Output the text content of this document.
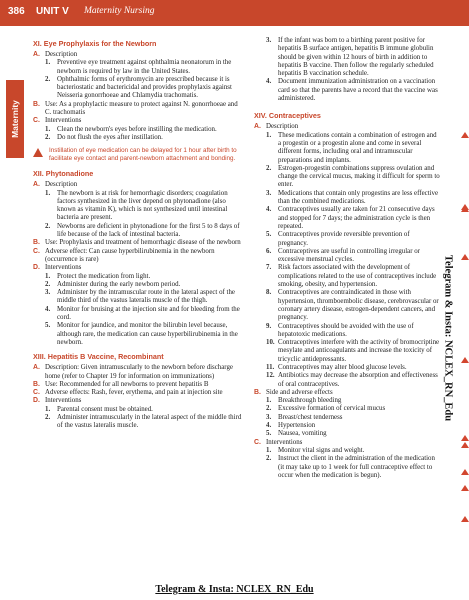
386 UNIT V Maternity Nursing
Maternity
XI. Eye Prophylaxis for the Newborn
A. Description
1. Preventive eye treatment against ophthalmia neonatorum in the newborn is required by law in the United States.
2. Ophthalmic forms of erythromycin are prescribed because it is bacteriostatic and bactericidal and provides prophylaxis against Neisseria gonorrhoeae and Chlamydia trachomatis.
B. Use: As a prophylactic measure to protect against N. gonorrhoeae and C. trachomatis
C. Interventions
1. Clean the newborn's eyes before instilling the medication.
2. Do not flush the eyes after instillation.
Instillation of eye medication can be delayed for 1 hour after birth to facilitate eye contact and parent-newborn attachment and bonding.
XII. Phytonadione
A. Description
1. The newborn is at risk for hemorrhagic disorders; coagulation factors synthesized in the liver depend on phytonadione (also known as vitamin K), which is not synthesized until intestinal bacteria are present.
2. Newborns are deficient in phytonadione for the first 5 to 8 days of life because of the lack of intestinal bacteria.
B. Use: Prophylaxis and treatment of hemorrhagic disease of the newborn
C. Adverse effect: Can cause hyperbilirubinemia in the newborn (occurrence is rare)
D. Interventions
1. Protect the medication from light.
2. Administer during the early newborn period.
3. Administer by the intramuscular route in the lateral aspect of the middle third of the vastus lateralis muscle of the thigh.
4. Monitor for bruising at the injection site and for bleeding from the cord.
5. Monitor for jaundice, and monitor the bilirubin level because, although rare, the medication can cause hyperbilirubinemia in the newborn.
XIII. Hepatitis B Vaccine, Recombinant
A. Description: Given intramuscularly to the newborn before discharge home (refer to Chapter 19 for information on immunizations)
B. Use: Recommended for all newborns to prevent hepatitis B
C. Adverse effects: Rash, fever, erythema, and pain at injection site
D. Interventions
1. Parental consent must be obtained.
2. Administer intramuscularly in the lateral aspect of the middle third of the vastus lateralis muscle.
3. If the infant was born to a birthing parent positive for hepatitis B surface antigen, hepatitis B immune globulin should be given within 12 hours of birth in addition to hepatitis B vaccine. Then follow the regularly scheduled hepatitis B vaccination schedule.
4. Document immunization administration on a vaccination card so that the parents have a record that the vaccine was administered.
XIV. Contraceptives
A. Description
1. These medications contain a combination of estrogen and a progestin or a progestin alone and come in several different forms, including oral and intramuscular preparations and implants.
2. Estrogen-progestin combinations suppress ovulation and change the cervical mucus, making it difficult for sperm to enter.
3. Medications that contain only progestins are less effective than the combined medications.
4. Contraceptives usually are taken for 21 consecutive days and stopped for 7 days; the administration cycle is then repeated.
5. Contraceptives provide reversible prevention of pregnancy.
6. Contraceptives are useful in controlling irregular or excessive menstrual cycles.
7. Risk factors associated with the development of complications related to the use of contraceptives include smoking, obesity, and hypertension.
8. Contraceptives are contraindicated in those with hypertension, thromboembolic disease, cerebrovascular or coronary artery disease, estrogen-dependent cancers, and pregnancy.
9. Contraceptives should be avoided with the use of hepatotoxic medications.
10. Contraceptives interfere with the activity of bromocriptine mesylate and anticoagulants and increase the toxicity of tricyclic antidepressants.
11. Contraceptives may alter blood glucose levels.
12. Antibiotics may decrease the absorption and effectiveness of oral contraceptives.
B. Side and adverse effects
1. Breakthrough bleeding
2. Excessive formation of cervical mucus
3. Breast/chest tenderness
4. Hypertension
5. Nausea, vomiting
C. Interventions
1. Monitor vital signs and weight.
2. Instruct the client in the administration of the medication (it may take up to 1 week for full contraceptive effect to occur when the medication is begun).
Telegram & Insta: NCLEX_RN_Edu
Telegram & Insta: NCLEX_RN_Edu
